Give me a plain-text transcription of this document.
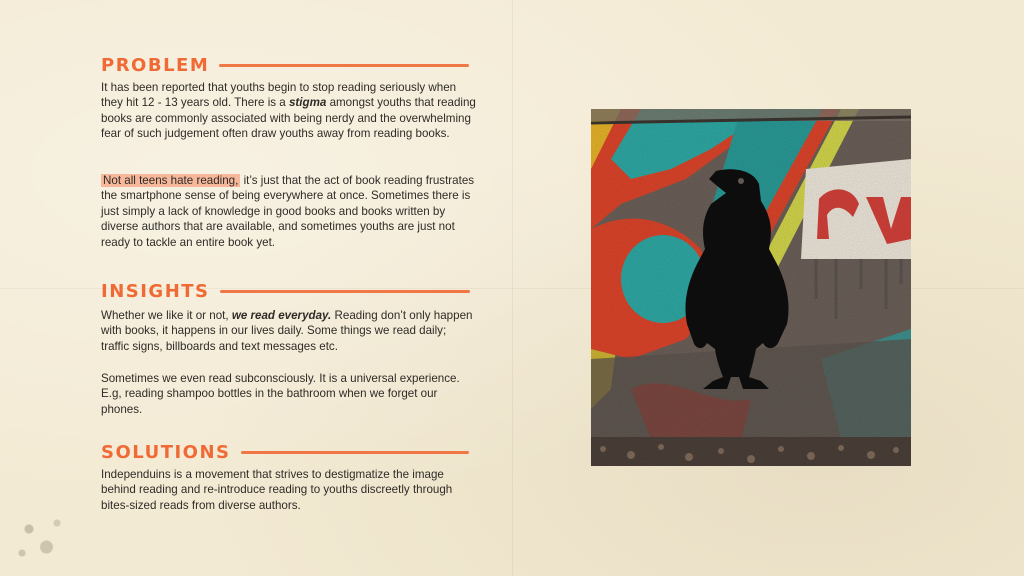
PROBLEM
It has been reported that youths begin to stop reading seriously when they hit 12 - 13 years old. There is a stigma amongst youths that reading books are commonly associated with being nerdy and the overwhelming fear of such judgement often draw youths away from reading books.
Not all teens hate reading, it’s just that the act of book reading frustrates the smartphone sense of being everywhere at once. Sometimes there is just simply a lack of knowledge in good books and books written by diverse authors that are available, and sometimes youths are just not ready to tackle an entire book yet.
INSIGHTS
Whether we like it or not, we read everyday. Reading don’t only happen with books, it happens in our lives daily. Some things we read daily; traffic signs, billboards and text messages etc.
Sometimes we even read subconsciously. It is a universal experience. E.g, reading shampoo bottles in the bathroom when we forget our phones.
SOLUTIONS
Independuins is a movement that strives to destigmatize the image behind reading and re-introduce reading to youths discreetly through bites-sized reads from diverse authors.
